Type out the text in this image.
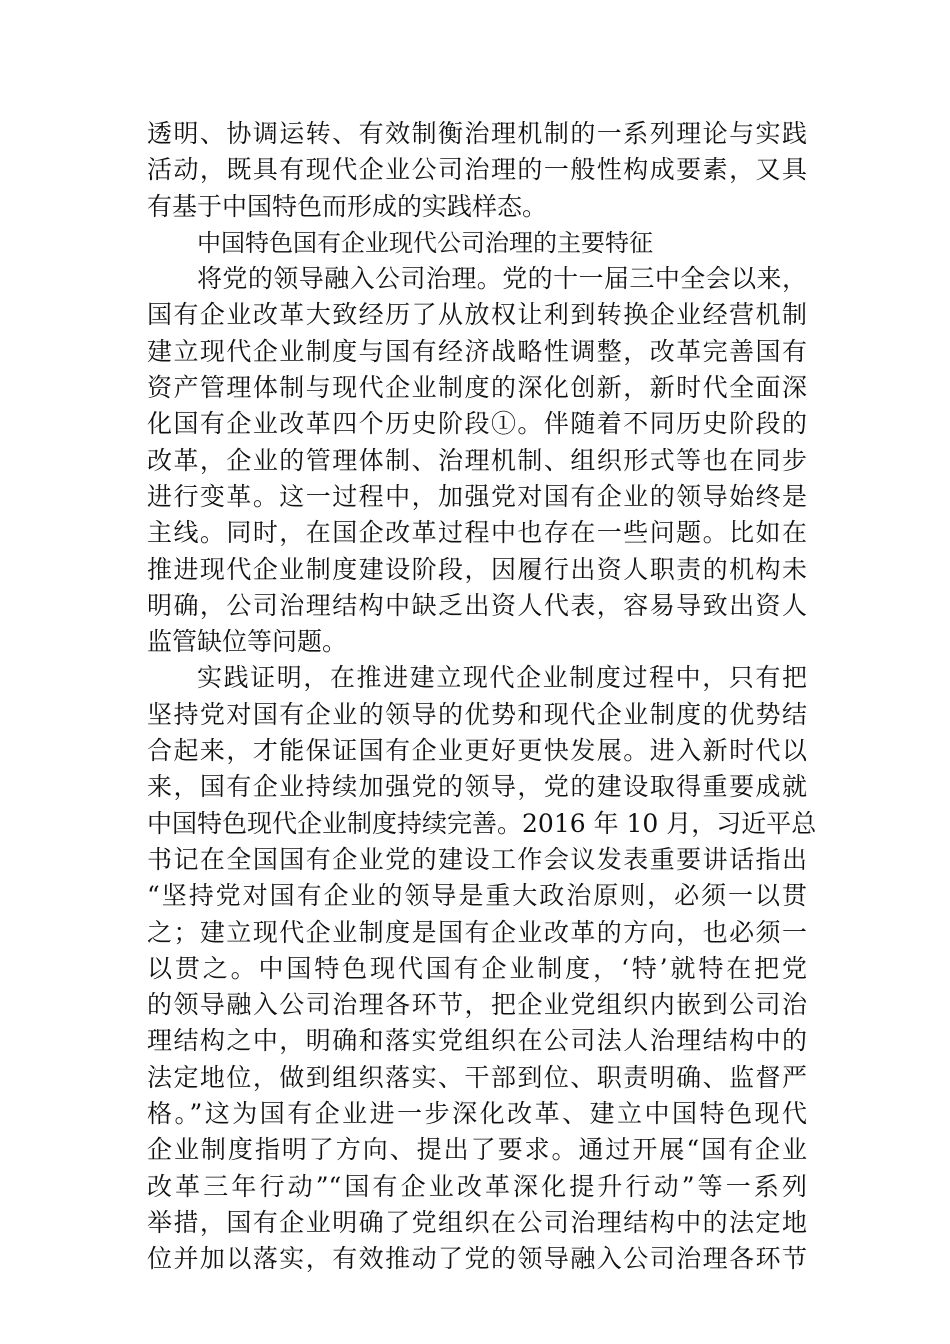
透明、协调运转、有效制衡治理机制的一系列理论与实践
活动，既具有现代企业公司治理的一般性构成要素，又具
有基于中国特色而形成的实践样态。
中国特色国有企业现代公司治理的主要特征
将党的领导融入公司治理。党的十一届三中全会以来，
国有企业改革大致经历了从放权让利到转换企业经营机制
建立现代企业制度与国有经济战略性调整，改革完善国有
资产管理体制与现代企业制度的深化创新，新时代全面深
化国有企业改革四个历史阶段①。伴随着不同历史阶段的
改革，企业的管理体制、治理机制、组织形式等也在同步
进行变革。这一过程中，加强党对国有企业的领导始终是
主线。同时，在国企改革过程中也存在一些问题。比如在
推进现代企业制度建设阶段，因履行出资人职责的机构未
明确，公司治理结构中缺乏出资人代表，容易导致出资人
监管缺位等问题。
实践证明，在推进建立现代企业制度过程中，只有把
坚持党对国有企业的领导的优势和现代企业制度的优势结
合起来，才能保证国有企业更好更快发展。进入新时代以
来，国有企业持续加强党的领导，党的建设取得重要成就
中国特色现代企业制度持续完善。2016 年 10 月，习近平总
书记在全国国有企业党的建设工作会议发表重要讲话指出
“坚持党对国有企业的领导是重大政治原则，必须一以贯
之；建立现代企业制度是国有企业改革的方向，也必须一
以贯之。中国特色现代国有企业制度，‘特’就特在把党
的领导融入公司治理各环节，把企业党组织内嵌到公司治
理结构之中，明确和落实党组织在公司法人治理结构中的
法定地位，做到组织落实、干部到位、职责明确、监督严
格。”这为国有企业进一步深化改革、建立中国特色现代
企业制度指明了方向、提出了要求。通过开展“国有企业
改革三年行动”“国有企业改革深化提升行动”等一系列
举措，国有企业明确了党组织在公司治理结构中的法定地
位并加以落实，有效推动了党的领导融入公司治理各环节
